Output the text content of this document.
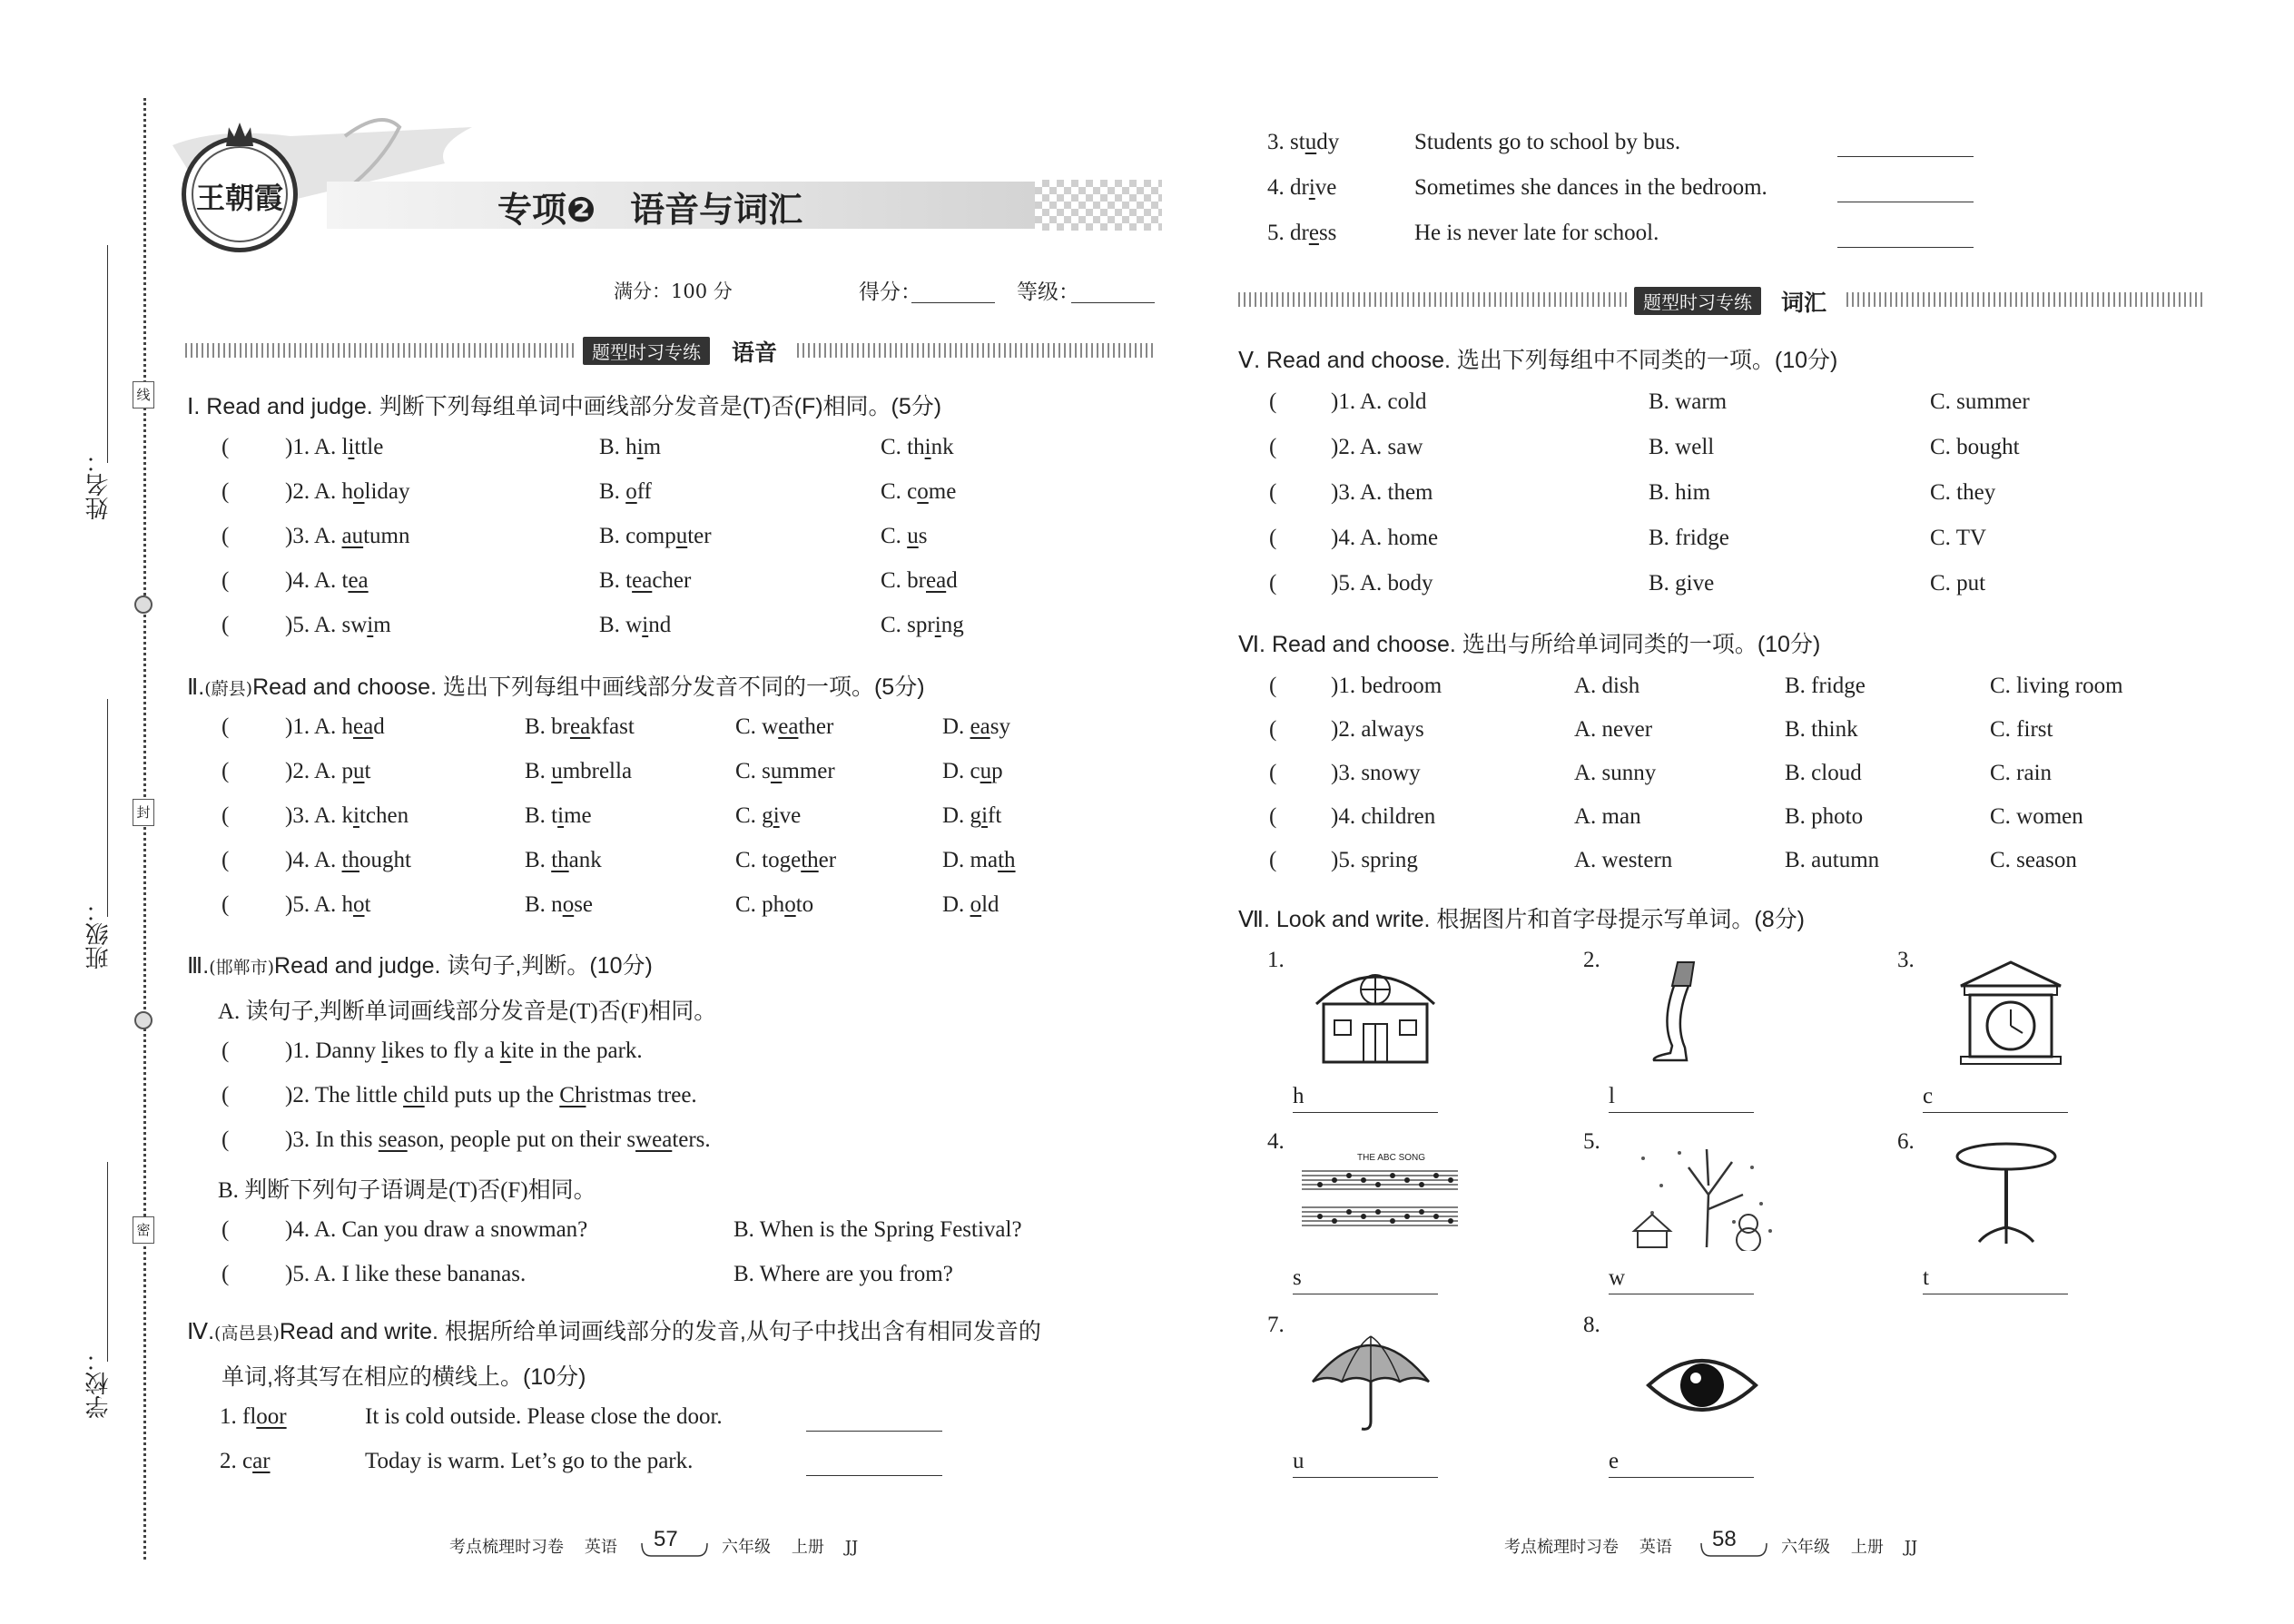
姓名：
班级：
学校：
线
封
密
王朝霞	专项❷　语音与词汇
满分：100 分	得分：	等级：
题型时习专练	语音
Ⅰ. Read and judge. 判断下列每组单词中画线部分发音是(T)否(F)相同。(5分)
( )1. A. little	B. him	C. think
( )2. A. holiday	B. off	C. come
( )3. A. autumn	B. computer	C. us
( )4. A. tea	B. teacher	C. bread
( )5. A. swim	B. wind	C. spring
Ⅱ.(蔚县)Read and choose. 选出下列每组中画线部分发音不同的一项。(5分)
( )1. A. head	B. breakfast	C. weather	D. easy
( )2. A. put	B. umbrella	C. summer	D. cup
( )3. A. kitchen	B. time	C. give	D. gift
( )4. A. thought	B. thank	C. together	D. math
( )5. A. hot	B. nose	C. photo	D. old
Ⅲ.(邯郸市)Read and judge. 读句子,判断。(10分)
A. 读句子,判断单词画线部分发音是(T)否(F)相同。
( )1. Danny likes to fly a kite in the park.
( )2. The little child puts up the Christmas tree.
( )3. In this season, people put on their sweaters.
B. 判断下列句子语调是(T)否(F)相同。
( )4. A. Can you draw a snowman?	B. When is the Spring Festival?
( )5. A. I like these bananas.	B. Where are you from?
Ⅳ.(高邑县)Read and write. 根据所给单词画线部分的发音,从句子中找出含有相同发音的
单词,将其写在相应的横线上。(10分)
1. floor	It is cold outside. Please close the door.
2. car	Today is warm. Let’s go to the park.
3. study	Students go to school by bus.
4. drive	Sometimes she dances in the bedroom.
5. dress	He is never late for school.
题型时习专练	词汇
Ⅴ. Read and choose. 选出下列每组中不同类的一项。(10分)
( )1. A. cold	B. warm	C. summer
( )2. A. saw	B. well	C. bought
( )3. A. them	B. him	C. they
( )4. A. home	B. fridge	C. TV
( )5. A. body	B. give	C. put
Ⅵ. Read and choose. 选出与所给单词同类的一项。(10分)
( )1. bedroom	A. dish	B. fridge	C. living room
( )2. always	A. never	B. think	C. first
( )3. snowy	A. sunny	B. cloud	C. rain
( )4. children	A. man	B. photo	C. women
( )5. spring	A. western	B. autumn	C. season
Ⅶ. Look and write. 根据图片和首字母提示写单词。(8分)
1.
h
2.
l
3.
c
4.
s
5.
w
6.
t
7.
u
8.
e
THE ABC SONG
考点梳理时习卷 英语 57	六年级 上册 JJ	考点梳理时习卷 英语 58	六年级 上册 JJ
